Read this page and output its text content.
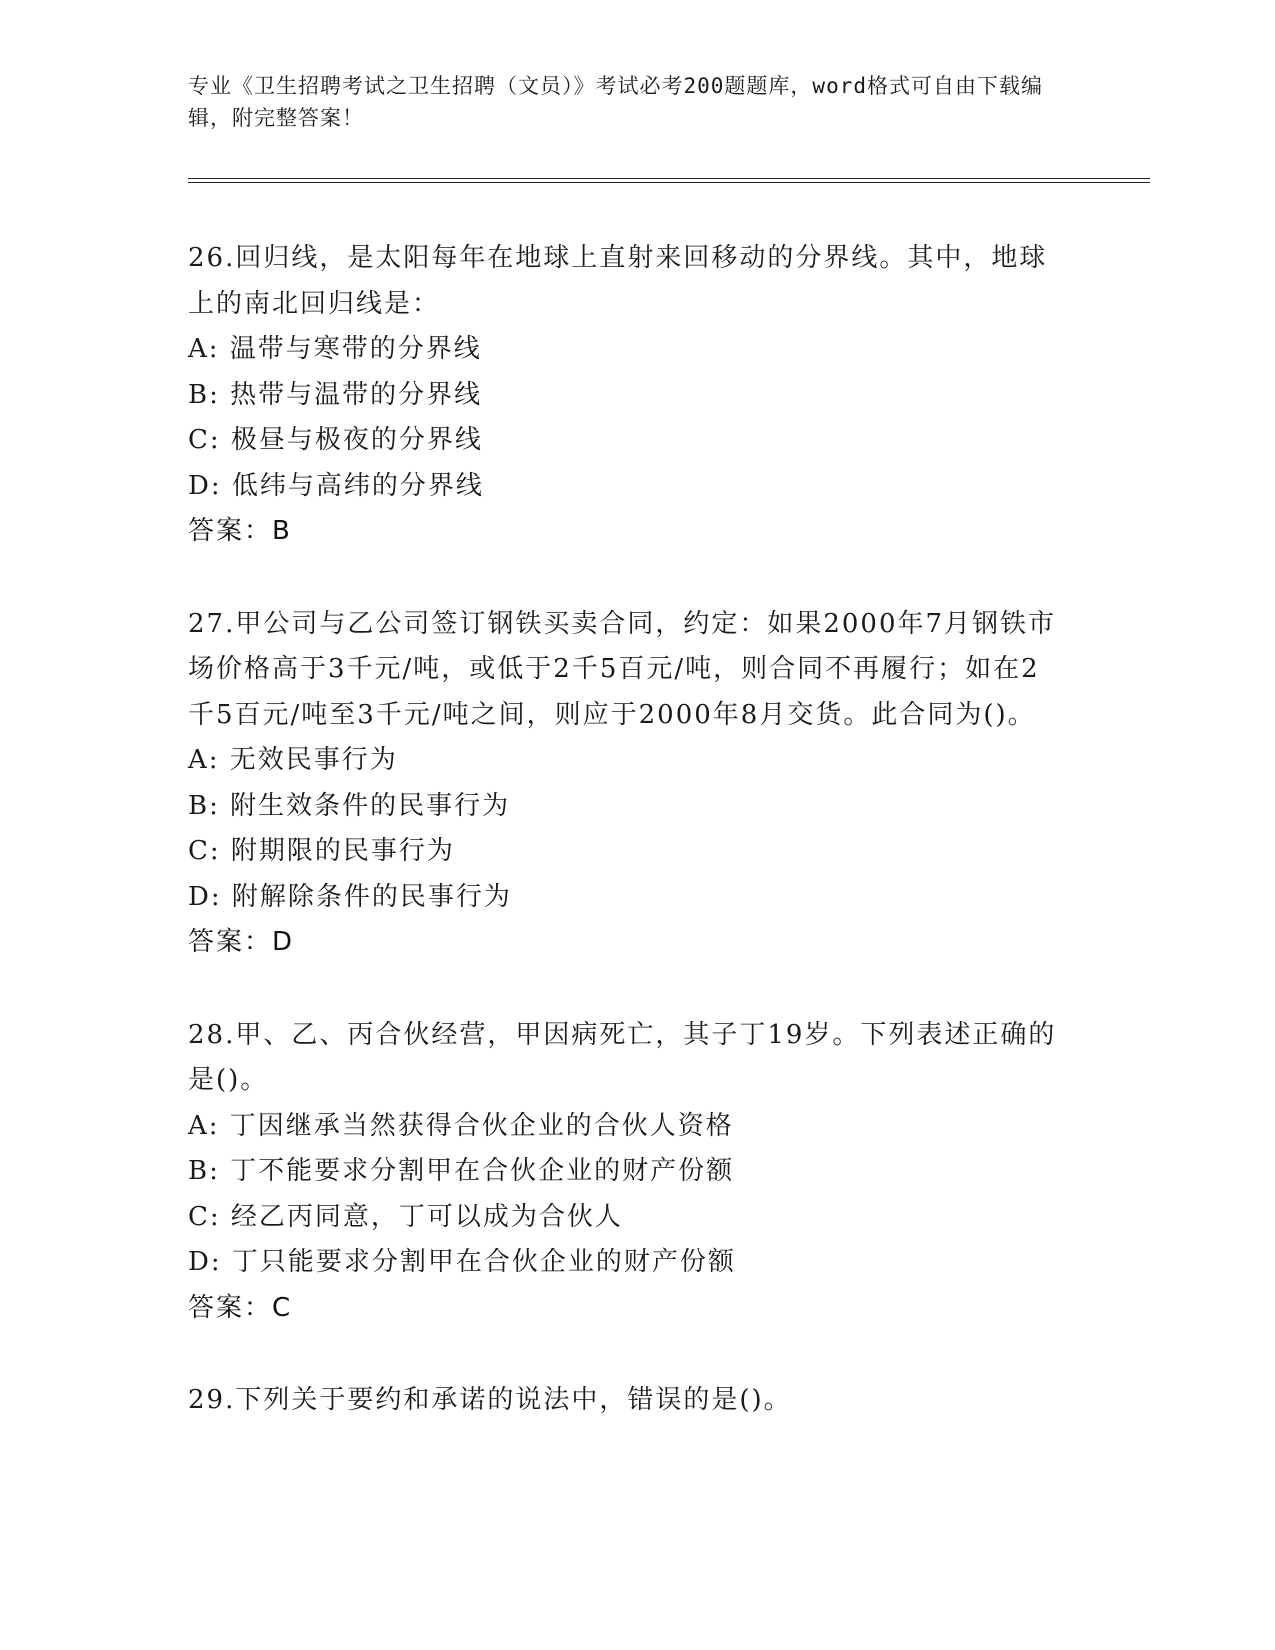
专业《卫生招聘考试之卫生招聘（文员）》考试必考200题题库，word格式可自由下载编辑，附完整答案！

26.回归线，是太阳每年在地球上直射来回移动的分界线。其中，地球上的南北回归线是：

A: 温带与寒带的分界线

B: 热带与温带的分界线

C: 极昼与极夜的分界线

D: 低纬与高纬的分界线

答案：B

27.甲公司与乙公司签订钢铁买卖合同，约定：如果2000年7月钢铁市场价格高于3千元/吨，或低于2千5百元/吨，则合同不再履行；如在2千5百元/吨至3千元/吨之间，则应于2000年8月交货。此合同为()。

A: 无效民事行为

B: 附生效条件的民事行为

C: 附期限的民事行为

D: 附解除条件的民事行为

答案：D

28.甲、乙、丙合伙经营，甲因病死亡，其子丁19岁。下列表述正确的是()。

A: 丁因继承当然获得合伙企业的合伙人资格

B: 丁不能要求分割甲在合伙企业的财产份额

C: 经乙丙同意，丁可以成为合伙人

D: 丁只能要求分割甲在合伙企业的财产份额

答案：C

29.下列关于要约和承诺的说法中，错误的是()。
